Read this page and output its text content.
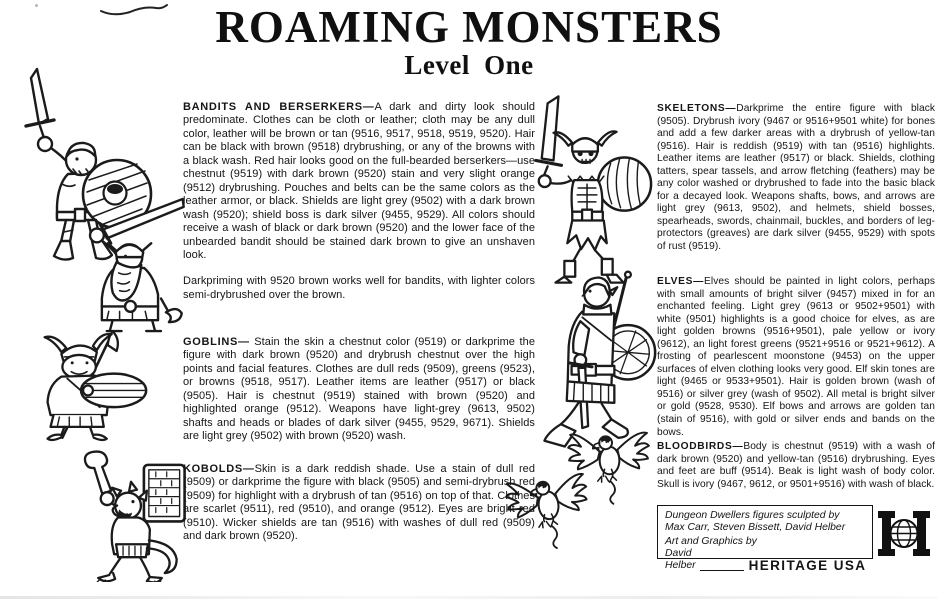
ROAMING MONSTERS
Level One

BANDITS AND BERSERKERS—A dark and dirty look should predominate. Clothes can be cloth or leather; cloth may be any dull color, leather will be brown or tan (9516, 9517, 9518, 9519, 9520). Hair can be black with brown (9518) drybrushing, or any of the browns with a black wash. Red hair looks good on the full-bearded berserkers—use chestnut (9519) with dark brown (9520) stain and very slight orange (9512) drybrushing. Pouches and belts can be the same colors as the leather armor, or black. Shields are light grey (9502) with a dark brown wash (9520); shield boss is dark silver (9455, 9529). All colors should receive a wash of black or dark brown (9520) and the lower face of the unbearded bandit should be stained dark brown to give an unshaven look.

Darkpriming with 9520 brown works well for bandits, with lighter colors semi-drybrushed over the brown.

GOBLINS— Stain the skin a chestnut color (9519) or darkprime the figure with dark brown (9520) and drybrush chestnut over the high points and facial features. Clothes are dull reds (9509), greens (9523), or browns (9518, 9517). Leather items are leather (9517) or black (9505). Hair is chestnut (9519) stained with brown (9520) and highlighted orange (9512). Weapons have light-grey (9613, 9502) shafts and heads or blades of dark silver (9455, 9529, 9671). Shields are light grey (9502) with brown (9520) wash.

KOBOLDS—Skin is a dark reddish shade. Use a stain of dull red (9509) or darkprime the figure with black (9505) and semi-drybrush red (9509) for highlight with a drybrush of tan (9516) on top of that. Clothes are scarlet (9511), red (9510), and orange (9512). Eyes are bright red (9510). Wicker shields are tan (9516) with washes of dull red (9509) and dark brown (9520).

SKELETONS—Darkprime the entire figure with black (9505). Drybrush ivory (9467 or 9516+9501 white) for bones and add a few darker areas with a drybrush of yellow-tan (9516). Hair is reddish (9519) with tan (9516) highlights. Leather items are leather (9517) or black. Shields, clothing tatters, spear tassels, and arrow fletching (feathers) may be any color washed or drybrushed to fade into the basic black for a decayed look. Weapons shafts, bows, and arrows are light grey (9613, 9502), and helmets, shield bosses, spearheads, swords, chainmail, buckles, and borders of leg-protectors (greaves) are dark silver (9455, 9529) with spots of rust (9519).

ELVES—Elves should be painted in light colors, perhaps with small amounts of bright silver (9457) mixed in for an enchanted feeling. Light grey (9613 or 9502+9501) with white (9501) highlights is a good choice for elves, as are light golden browns (9516+9501), pale yellow or ivory (9612), an light forest greens (9521+9516 or 9521+9612). A frosting of pearlescent moonstone (9453) on the upper surfaces of elven clothing looks very good. Elf skin tones are light (9465 or 9533+9501). Hair is golden brown (wash of 9516) or silver grey (wash of 9502). All metal is bright silver or gold (9528, 9530). Elf bows and arrows are golden tan (stain of 9516), with gold or silver ends and bands on the bows.

BLOODBIRDS—Body is chestnut (9519) with a wash of dark brown (9520) and yellow-tan (9516) drybrushing. Eyes and feet are buff (9514). Beak is light wash of body color. Skull is ivory (9467, 9612, or 9501+9516) with wash of black.

Dungeon Dwellers figures sculpted by
Max Carr, Steven Bissett, David Helber
Art and Graphics by
David Helber	HERITAGE USA
